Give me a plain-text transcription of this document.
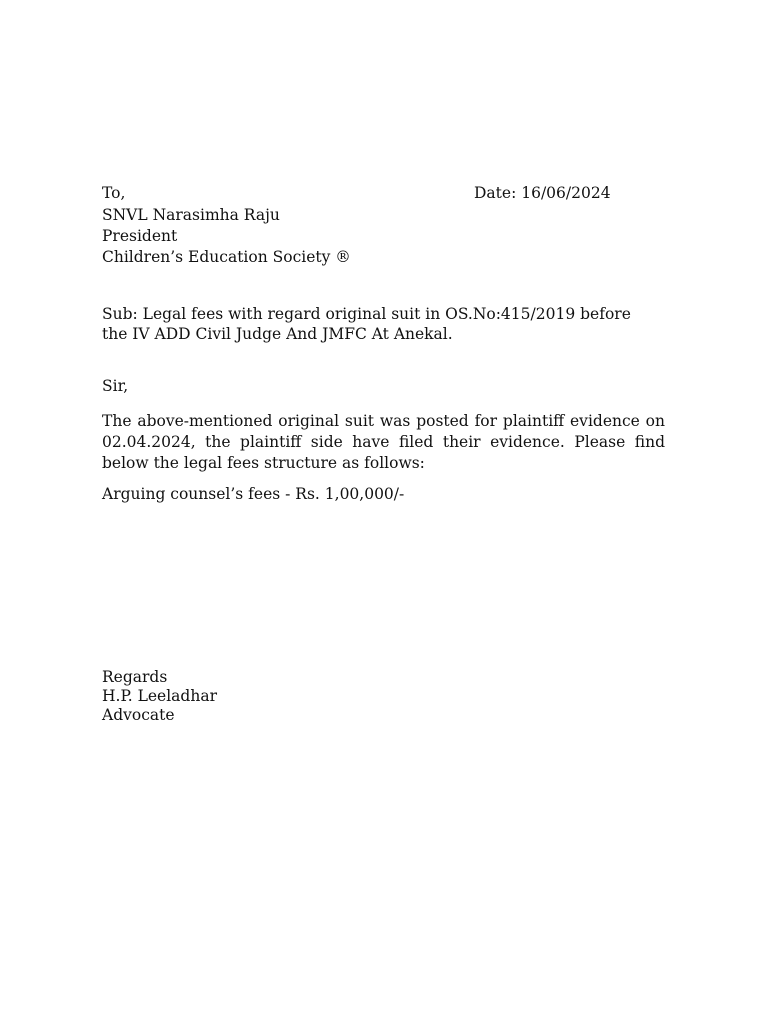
To,	Date: 16/06/2024
SNVL Narasimha Raju
President
Children’s Education Society ®
Sub: Legal fees with regard original suit in OS.No:415/2019 before
the IV ADD Civil Judge And JMFC At Anekal.
Sir,
The above-mentioned original suit was posted for plaintiff evidence on 02.04.2024, the plaintiff side have filed their evidence. Please find below the legal fees structure as follows:
Arguing counsel’s fees - Rs. 1,00,000/-
Regards
H.P. Leeladhar
Advocate
